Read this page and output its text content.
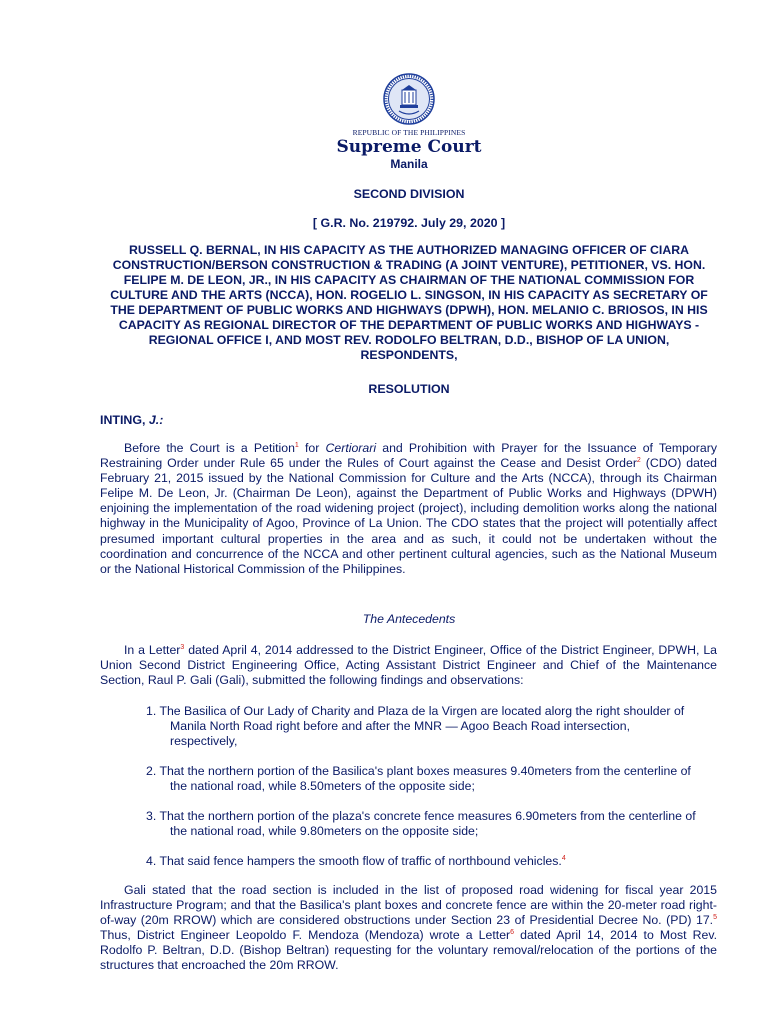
REPUBLIC OF THE PHILIPPINES
Supreme Court
Manila
SECOND DIVISION
[ G.R. No. 219792. July 29, 2020 ]
RUSSELL Q. BERNAL, IN HIS CAPACITY AS THE AUTHORIZED MANAGING OFFICER OF CIARA CONSTRUCTION/BERSON CONSTRUCTION & TRADING (A JOINT VENTURE), PETITIONER, VS. HON. FELIPE M. DE LEON, JR., IN HIS CAPACITY AS CHAIRMAN OF THE NATIONAL COMMISSION FOR CULTURE AND THE ARTS (NCCA), HON. ROGELIO L. SINGSON, IN HIS CAPACITY AS SECRETARY OF THE DEPARTMENT OF PUBLIC WORKS AND HIGHWAYS (DPWH), HON. MELANIO C. BRIOSOS, IN HIS CAPACITY AS REGIONAL DIRECTOR OF THE DEPARTMENT OF PUBLIC WORKS AND HIGHWAYS - REGIONAL OFFICE I, AND MOST REV. RODOLFO BELTRAN, D.D., BISHOP OF LA UNION, RESPONDENTS,
RESOLUTION
INTING, J.:

Before the Court is a Petition$^1$ for Certiorari and Prohibition with Prayer for the Issuance of Temporary Restraining Order under Rule 65 under the Rules of Court against the Cease and Desist Order$^2$ (CDO) dated February 21, 2015 issued by the National Commission for Culture and the Arts (NCCA), through its Chairman Felipe M. De Leon, Jr. (Chairman De Leon), against the Department of Public Works and Highways (DPWH) enjoining the implementation of the road widening project (project), including demolition works along the national highway in the Municipality of Agoo, Province of La Union. The CDO states that the project will potentially affect presumed important cultural properties in the area and as such, it could not be undertaken without the coordination and concurrence of the NCCA and other pertinent cultural agencies, such as the National Museum or the National Historical Commission of the Philippines.

The Antecedents

In a Letter$^3$ dated April 4, 2014 addressed to the District Engineer, Office of the District Engineer, DPWH, La Union Second District Engineering Office, Acting Assistant District Engineer and Chief of the Maintenance Section, Raul P. Gali (Gali), submitted the following findings and observations:

1. The Basilica of Our Lady of Charity and Plaza de la Virgen are located alorg the right shoulder of Manila North Road right before and after the MNR — Agoo Beach Road intersection, respectively,
2. That the northern portion of the Basilica's plant boxes measures 9.40meters from the centerline of the national road, while 8.50meters of the opposite side;
3. That the northern portion of the plaza's concrete fence measures 6.90meters from the centerline of the national road, while 9.80meters on the opposite side;
4. That said fence hampers the smooth flow of traffic of northbound vehicles.$^4$

Gali stated that the road section is included in the list of proposed road widening for fiscal year 2015 Infrastructure Program; and that the Basilica's plant boxes and concrete fence are within the 20-meter road right-of-way (20m RROW) which are considered obstructions under Section 23 of Presidential Decree No. (PD) 17.$^5$ Thus, District Engineer Leopoldo F. Mendoza (Mendoza) wrote a Letter$^6$ dated April 14, 2014 to Most Rev. Rodolfo P. Beltran, D.D. (Bishop Beltran) requesting for the voluntary removal/relocation of the portions of the structures that encroached the 20m RROW.
